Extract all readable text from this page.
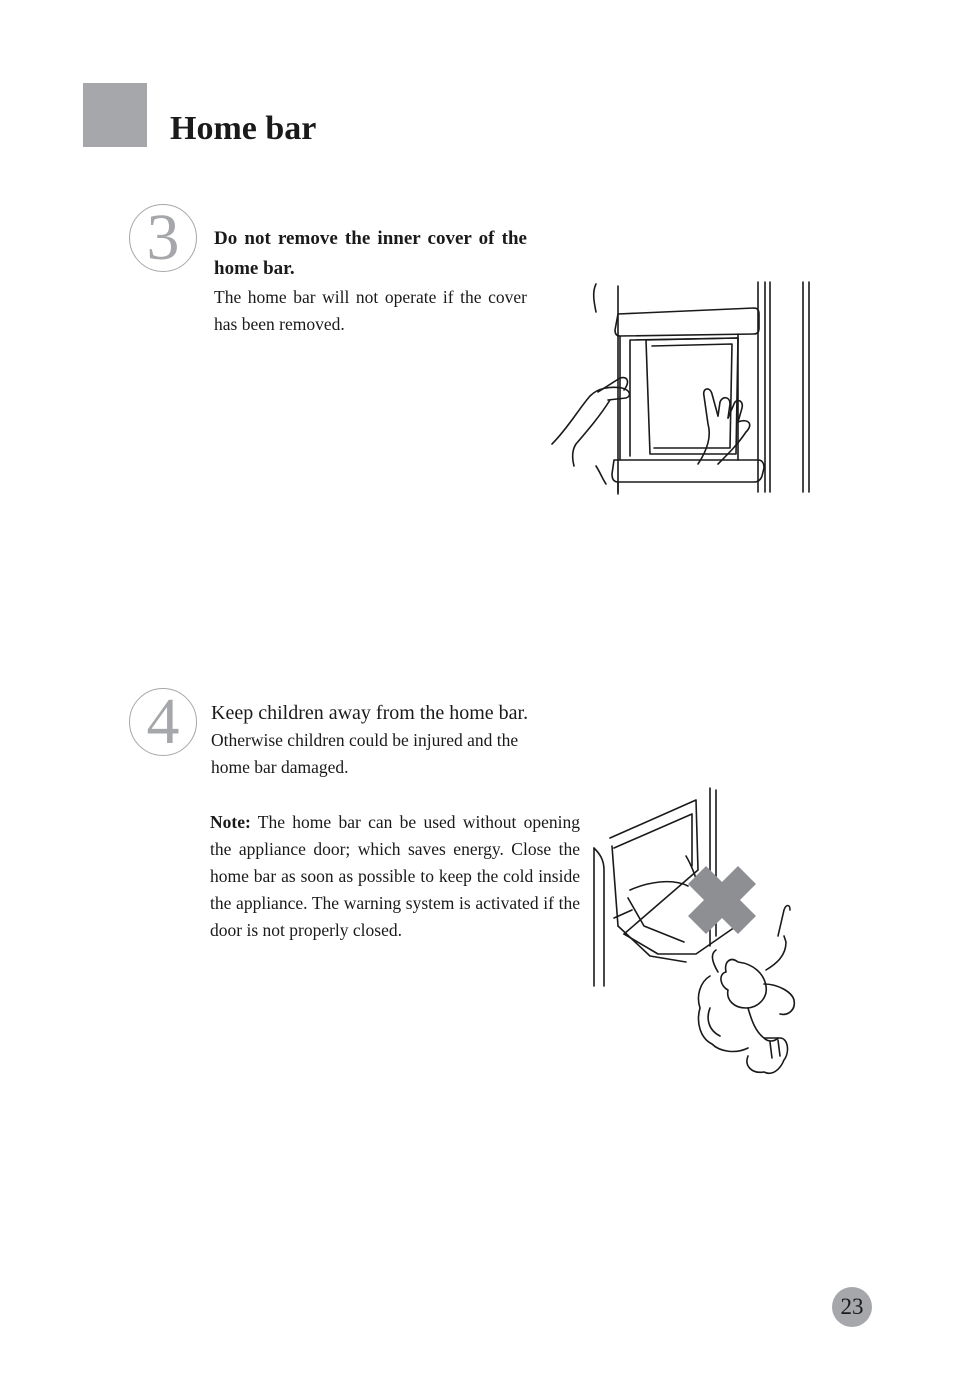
Home bar
3	Do not remove the inner cover of the home bar.
The home bar will not operate if the cover has been removed.
4	Keep children away from the home bar.
Otherwise children could be injured and the home bar damaged.
Note: The home bar can be used without opening the appliance door; which saves energy. Close the home bar as soon as possible to keep the cold inside the appliance. The warning system is activated if the door is not properly closed.
23
